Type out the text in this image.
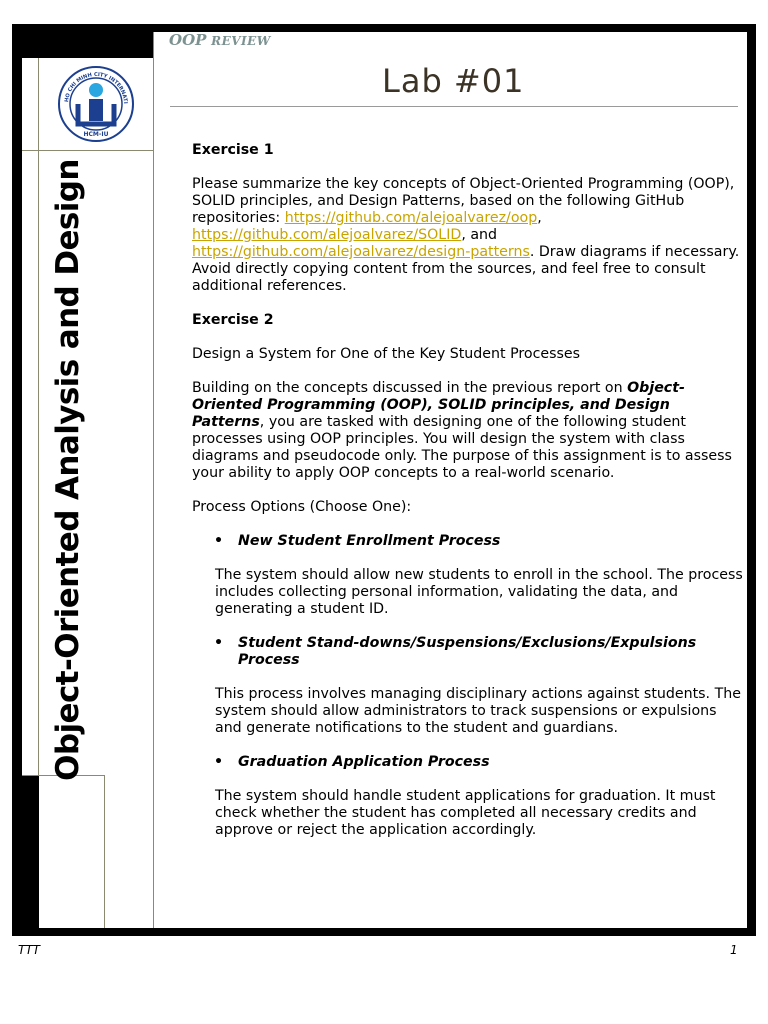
HO CHI MINH CITY INTERNATI
HCM-IU
Object-Oriented Analysis and Design
OOP REVIEW
Lab #01

Exercise 1

Please summarize the key concepts of Object-Oriented Programming (OOP), SOLID principles, and Design Patterns, based on the following GitHub repositories: https://github.com/alejoalvarez/oop, https://github.com/alejoalvarez/SOLID, and https://github.com/alejoalvarez/design-patterns. Draw diagrams if necessary. Avoid directly copying content from the sources, and feel free to consult additional references.

Exercise 2

Design a System for One of the Key Student Processes

Building on the concepts discussed in the previous report on Object-Oriented Programming (OOP), SOLID principles, and Design Patterns, you are tasked with designing one of the following student processes using OOP principles. You will design the system with class diagrams and pseudocode only. The purpose of this assignment is to assess your ability to apply OOP concepts to a real-world scenario.

Process Options (Choose One):

• New Student Enrollment Process

The system should allow new students to enroll in the school. The process includes collecting personal information, validating the data, and generating a student ID.

• Student Stand-downs/Suspensions/Exclusions/Expulsions Process

This process involves managing disciplinary actions against students. The system should allow administrators to track suspensions or expulsions and generate notifications to the student and guardians.

• Graduation Application Process

The system should handle student applications for graduation. It must check whether the student has completed all necessary credits and approve or reject the application accordingly.

TTT	1
